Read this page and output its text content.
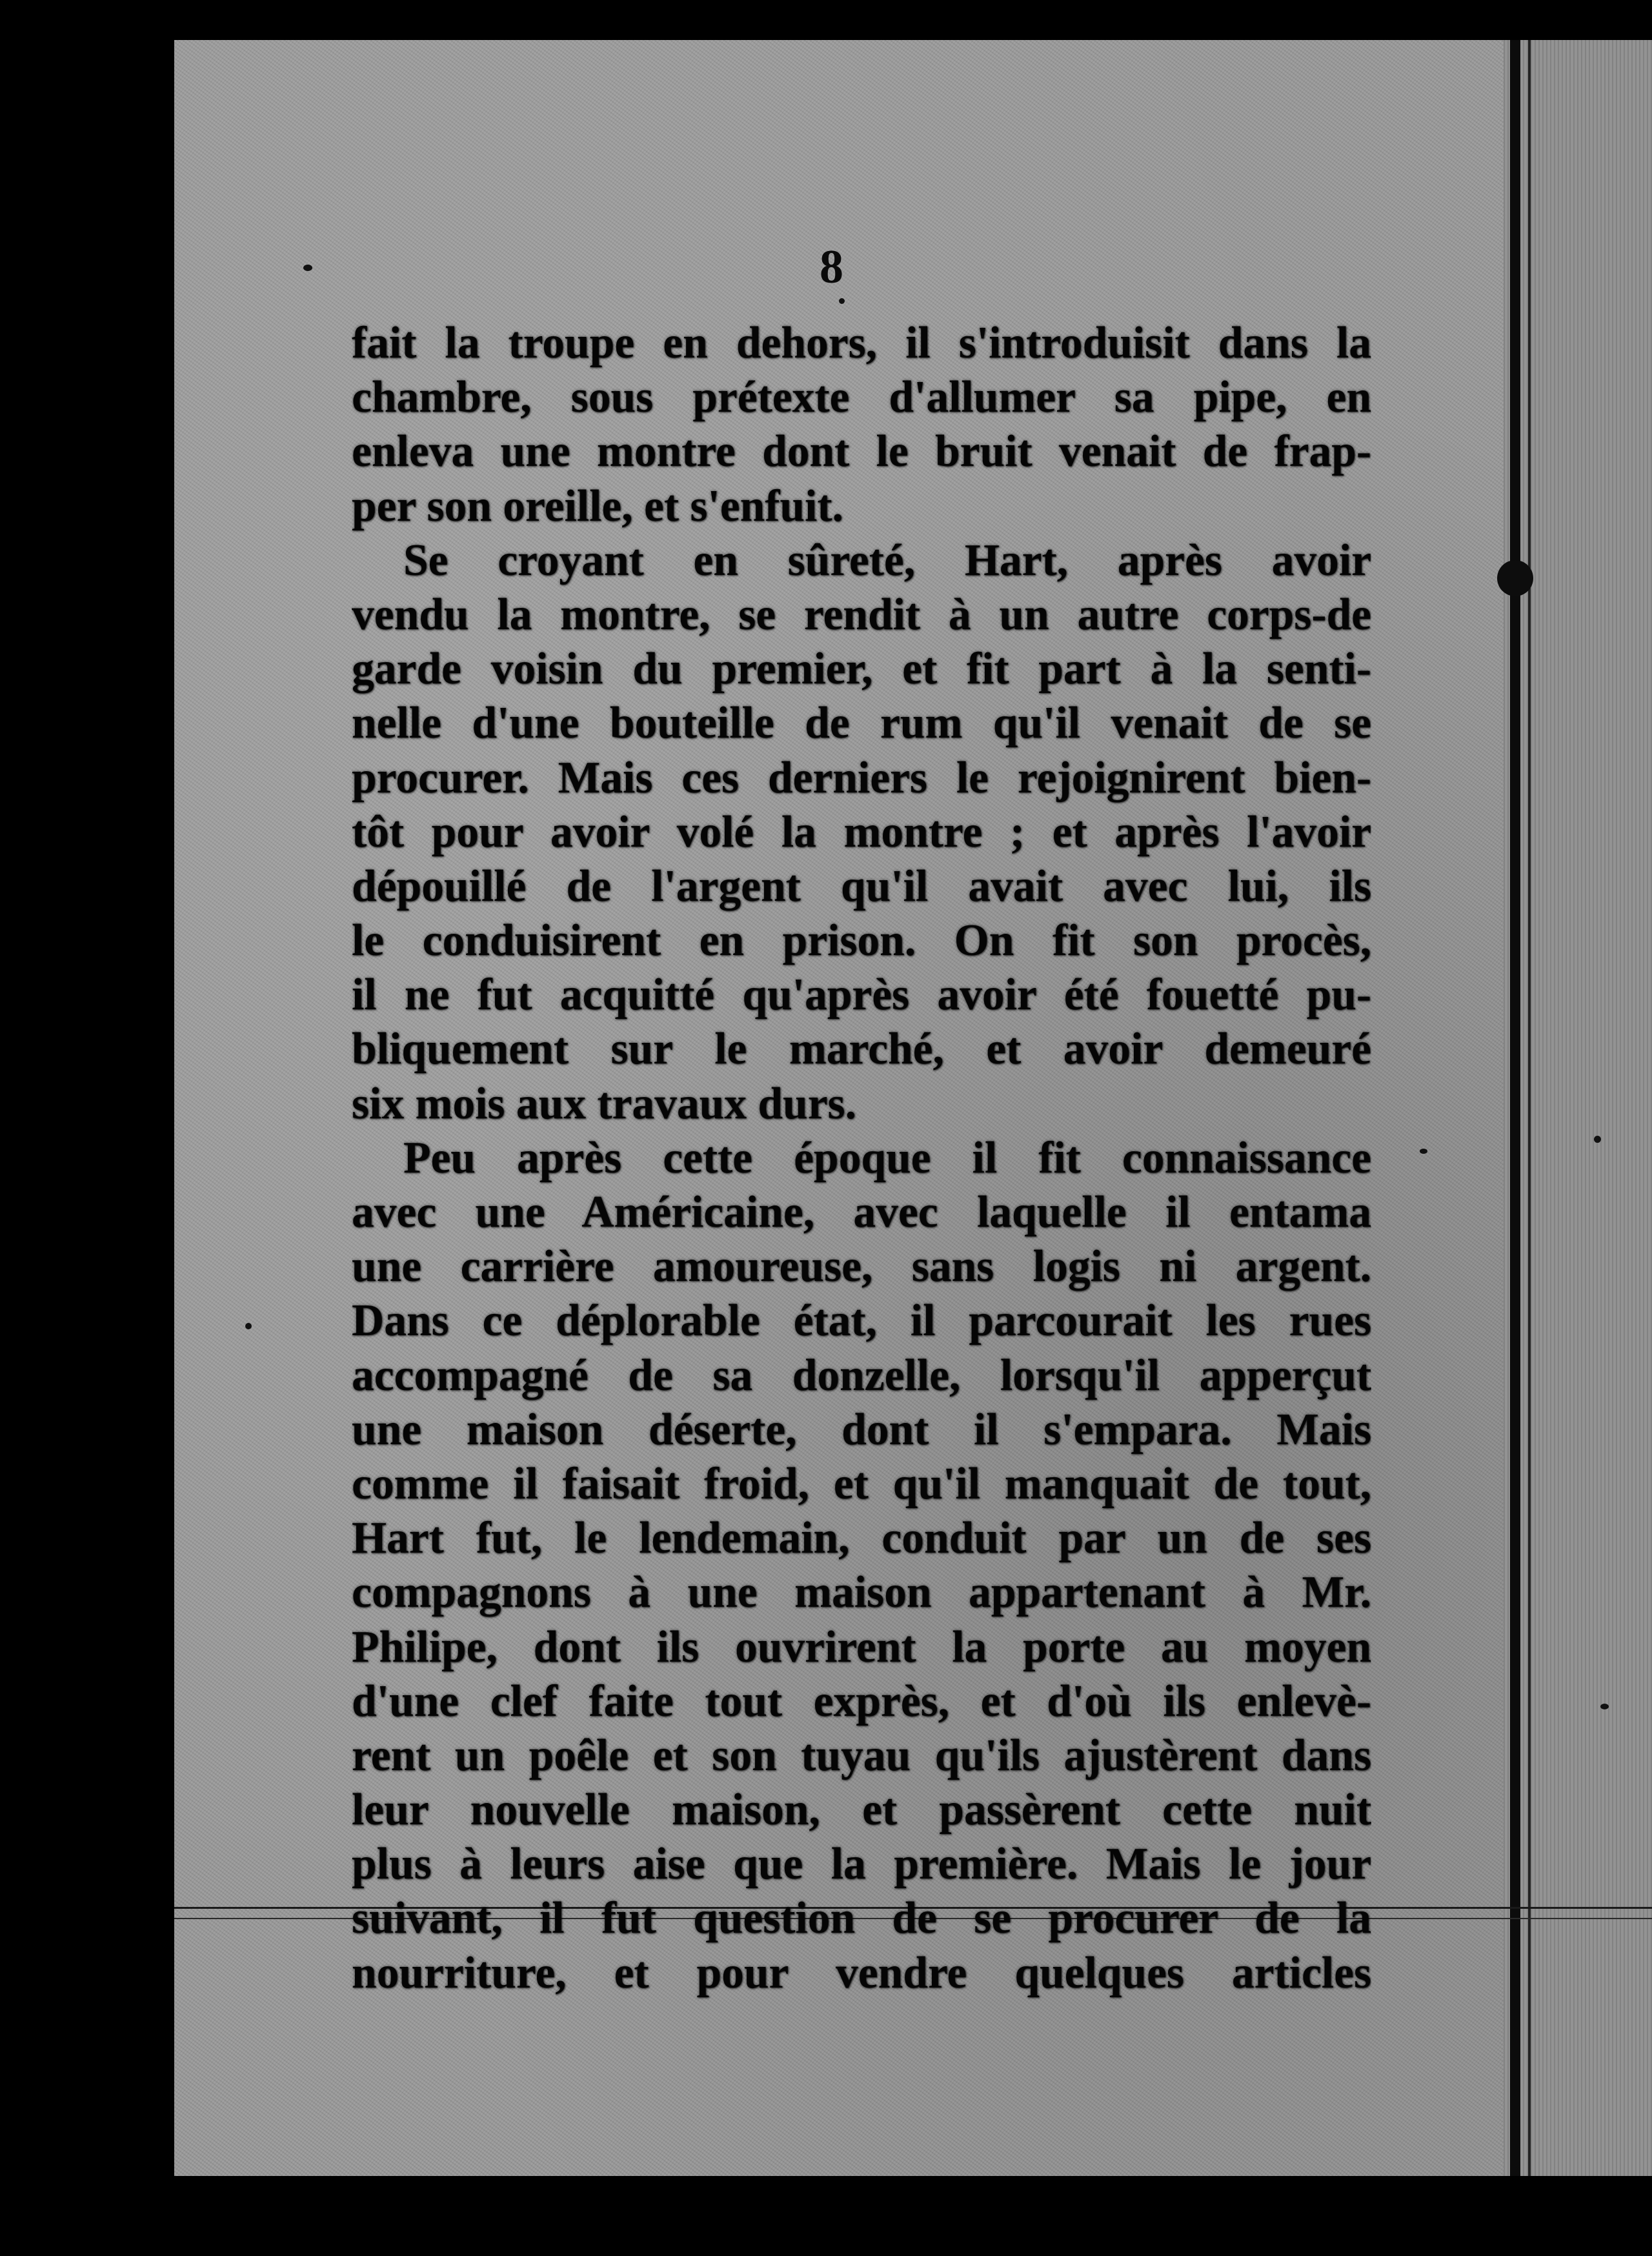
8
fait la troupe en dehors, il s'introduisit dans la
chambre, sous prétexte d'allumer sa pipe, en
enleva une montre dont le bruit venait de frap-
per son oreille, et s'enfuit.
Se croyant en sûreté, Hart, après avoir
vendu la montre, se rendit à un autre corps-de
garde voisin du premier, et fit part à la senti-
nelle d'une bouteille de rum qu'il venait de se
procurer. Mais ces derniers le rejoignirent bien-
tôt pour avoir volé la montre ; et après l'avoir
dépouillé de l'argent qu'il avait avec lui, ils
le conduisirent en prison. On fit son procès,
il ne fut acquitté qu'après avoir été fouetté pu-
bliquement sur le marché, et avoir demeuré
six mois aux travaux durs.
Peu après cette époque il fit connaissance
avec une Américaine, avec laquelle il entama
une carrière amoureuse, sans logis ni argent.
Dans ce déplorable état, il parcourait les rues
accompagné de sa donzelle, lorsqu'il apperçut
une maison déserte, dont il s'empara. Mais
comme il faisait froid, et qu'il manquait de tout,
Hart fut, le lendemain, conduit par un de ses
compagnons à une maison appartenant à Mr.
Philipe, dont ils ouvrirent la porte au moyen
d'une clef faite tout exprès, et d'où ils enlevè-
rent un poêle et son tuyau qu'ils ajustèrent dans
leur nouvelle maison, et passèrent cette nuit
plus à leurs aise que la première. Mais le jour
suivant, il fut question de se procurer de la
nourriture, et pour vendre quelques articles
